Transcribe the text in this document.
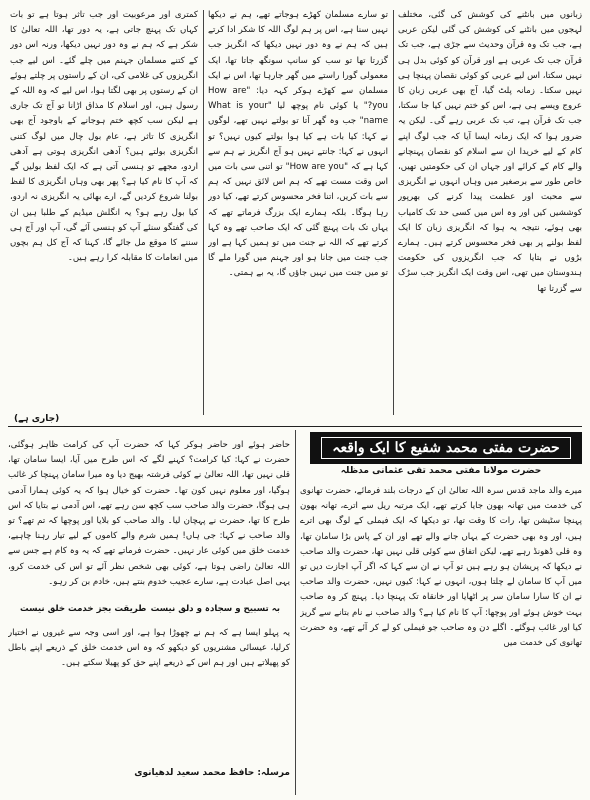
زبانوں میں بانٹنے کی کوشش کی گئی، مختلف لہجوں میں بانٹنے کی کوشش کی گئی لیکن عربی ہے، جب تک وہ قرآن وحدیث سے جڑی ہے، جب تک قرآن جب تک عربی ہے اور قرآن کو کوئی بدل ہی نہیں سکتا، اس لیے عربی کو کوئی نقصان پہنچا ہی نہیں سکتا۔ زمانہ پلٹ گیا، آج بھی عربی زبان کا عروج ویسے ہی ہے، اس کو ختم نہیں کیا جا سکتا، جب تک قرآن ہے، تب تک عربی رہے گی۔ لیکن یہ ضرور ہوا کہ ایک زمانہ ایسا آیا کہ جب لوگ اپنے کام کے لیے خریدا ان سے اسلام کو نقصان پہنچانے والے کام کے کرائے اور جہاں ان کی حکومتیں تھیں، خاص طور سے برصغیر میں وہاں انہوں نے انگریزی سے محبت اور عظمت پیدا کرنے کی بھرپور کوششیں کیں اور وہ اس میں کسی حد تک کامیاب بھی ہوئے، نتیجہ یہ ہوا کہ انگریزی زبان کا ایک لفظ بولنے پر بھی فخر محسوس کرتے ہیں۔ ہمارے بڑوں نے بتایا کہ جب انگریزوں کی حکومت ہندوستان میں تھی، اس وقت ایک انگریز جب سڑک سے گزرتا تھا

تو سارے مسلمان کھڑے ہوجاتے تھے، ہم نے دیکھا نہیں سنا ہے، اس پر ہم لوگ اللہ کا شکر ادا کرتے ہیں کہ ہم نے وہ دور نہیں دیکھا کہ انگریز جب گزرتا تھا تو سب کو سانپ سونگھ جاتا تھا، ایک معمولی گورا راستے میں گھر جارہا تھا، اس نے ایک مسلمان سے کھڑے ہوکر کہہ دیا: "How are you?" یا کوئی نام پوچھ لیا "What is your name" جب وہ گھر آتا تو بولتے نہیں تھے، لوگوں نے کہا: کیا بات ہے کیا ہوا بولتے کیوں نہیں؟ تو انہوں نے کہا: جانتے نہیں ہو آج انگریز نے ہم سے کہا ہے کہ "How are you" تو اتنی سی بات میں اس وقت مست تھے کہ ہم اس لائق نہیں کہ ہم سے بات کریں، اتنا فخر محسوس کرتے تھے، کیا دور رہا ہوگا۔ بلکہ ہمارے ایک بزرگ فرماتے تھے کہ یہاں تک بات پہنچ گئی کہ ایک صاحب تھے وہ کہا کرتے تھے کہ اللہ نے جنت میں تو ہمیں کہا ہے اور جب جنت میں جانا ہو اور جہنم میں گورا ملے گا تو میں جنت میں نہیں جاؤں گا، یہ بے ہمتی۔

کمتری اور مرعوبیت اور جب تاثر ہوتا ہے تو بات کہاں تک پہنچ جاتی ہے، یہ دور تھا، اللہ تعالیٰ کا شکر ہے کہ ہم نے وہ دور نہیں دیکھا، ورنہ اس دور کے کتنے مسلمان جہنم میں چلے گئے۔ اس لیے جب انگریزوں کی غلامی کی، ان کے راستوں پر چلتے ہوئے ان کے رستوں پر بھی لگتا ہوا، اس لیے کہ وہ اللہ کے رسول ہیں، اور اسلام کا مذاق اڑانا تو آج تک جاری ہے لیکن سب کچھ ختم ہوجانے کے باوجود آج بھی انگریزی کا تاثر ہے، عام بول چال میں لوگ کتنی انگریزی بولتے ہیں؟ آدھی انگریزی ہوتی ہے آدھی اردو، مجھے تو ہنسی آتی ہے کہ ایک لفظ بولیں گے کہ آپ کا نام کیا ہے؟ پھر بھی وہاں انگریزی کا لفظ بولنا شروع کردیں گے، ارے بھائی یہ انگریزی نہ اردو، کیا بول رہے ہو؟ یہ انگلش میڈیم کے طلبا ہیں ان کی گفتگو سنئے آپ کو ہنسی آئے گی، آپ اور آج ہی سننے کا موقع مل جائے گا، کہنا کہ آج کل ہم بچوں میں انعامات کا مقابلہ کرا رہے ہیں۔

(جاری ہے)
حضرت مفتی محمد شفیع کا ایک واقعہ
حضرت مولانا مفتی محمد تقی عثمانی مدظلہ
میرے والد ماجد قدس سرہ اللہ تعالیٰ ان کے درجات بلند فرمائے، حضرت تھانوی کی خدمت میں تھانہ بھون جایا کرتے تھے، ایک مرتبہ ریل سے اترے، تھانہ بھون پہنچا سٹیشن تھا، رات کا وقت تھا، تو دیکھا کہ ایک فیملی کے لوگ بھی اترے ہیں، اور وہ بھی حضرت کے یہاں جانے والے تھے اور ان کے پاس بڑا سامان تھا، وہ قلی ڈھونڈ رہے تھے، لیکن اتفاق سے کوئی قلی نہیں تھا، حضرت والد صاحب نے دیکھا کہ پریشان ہو رہے ہیں تو آپ نے ان سے کہا کہ اگر آپ اجازت دیں تو میں آپ کا سامان لے چلتا ہوں، انہوں نے کہا: کیوں نہیں، حضرت والد صاحب نے ان کا سارا سامان سر پر اٹھایا اور خانقاہ تک پہنچا دیا۔ پہنچ کر وہ صاحب بہت خوش ہوئے اور پوچھا: آپ کا نام کیا ہے؟ والد صاحب نے نام بتانے سے گریز کیا اور غائب ہوگئے۔ اگلے دن وہ صاحب جو فیملی کو لے کر آئے تھے، وہ حضرت تھانوی کی خدمت میں
حاضر ہوئے اور حاضر ہوکر کہا کہ حضرت آپ کی کرامت ظاہر ہوگئی، حضرت نے کہا: کیا کرامت؟ کہنے لگے کہ اس طرح میں آیا، ایسا سامان تھا، قلی نہیں تھا، اللہ تعالیٰ نے کوئی فرشتہ بھیج دیا وہ میرا سامان پہنچا کر غائب ہوگیا، اور معلوم نہیں کون تھا۔ حضرت کو خیال ہوا کہ یہ کوئی ہمارا آدمی ہی ہوگا، حضرت والد صاحب سب کچھ سن رہے تھے، اس آدمی نے بتایا کہ اس طرح کا تھا، حضرت نے پہچان لیا۔ والد صاحب کو بلایا اور پوچھا کہ تم تھے؟ تو والد صاحب نے کہا: جی ہاں! ہمیں شرم والے کاموں کے لیے تیار رہنا چاہیے، خدمت خلق میں کوئی عار نہیں۔ حضرت فرماتے تھے کہ یہ وہ کام ہے جس سے اللہ تعالیٰ راضی ہوتا ہے، کوئی بھی شخص نظر آئے تو اس کی خدمت کرو، یہی اصل عبادت ہے، سارے عجیب خدوم بنتے ہیں، خادم بن کر رہو۔
بہ تسبیح و سجادہ و دلق نیست
طریقت بجز خدمت خلق نیست
یہ پہلو ایسا ہے کہ ہم نے چھوڑا ہوا ہے، اور اسی وجہ سے غیروں نے اختیار کرلیا، عیسائی مشنریوں کو دیکھو کہ وہ اس خدمت خلق کے ذریعے اپنے باطل کو پھیلاتے ہیں اور ہم اس کے ذریعے اپنے حق کو پھیلا سکتے ہیں۔
مرسلہ: حافظ محمد سعید لدھیانوی
